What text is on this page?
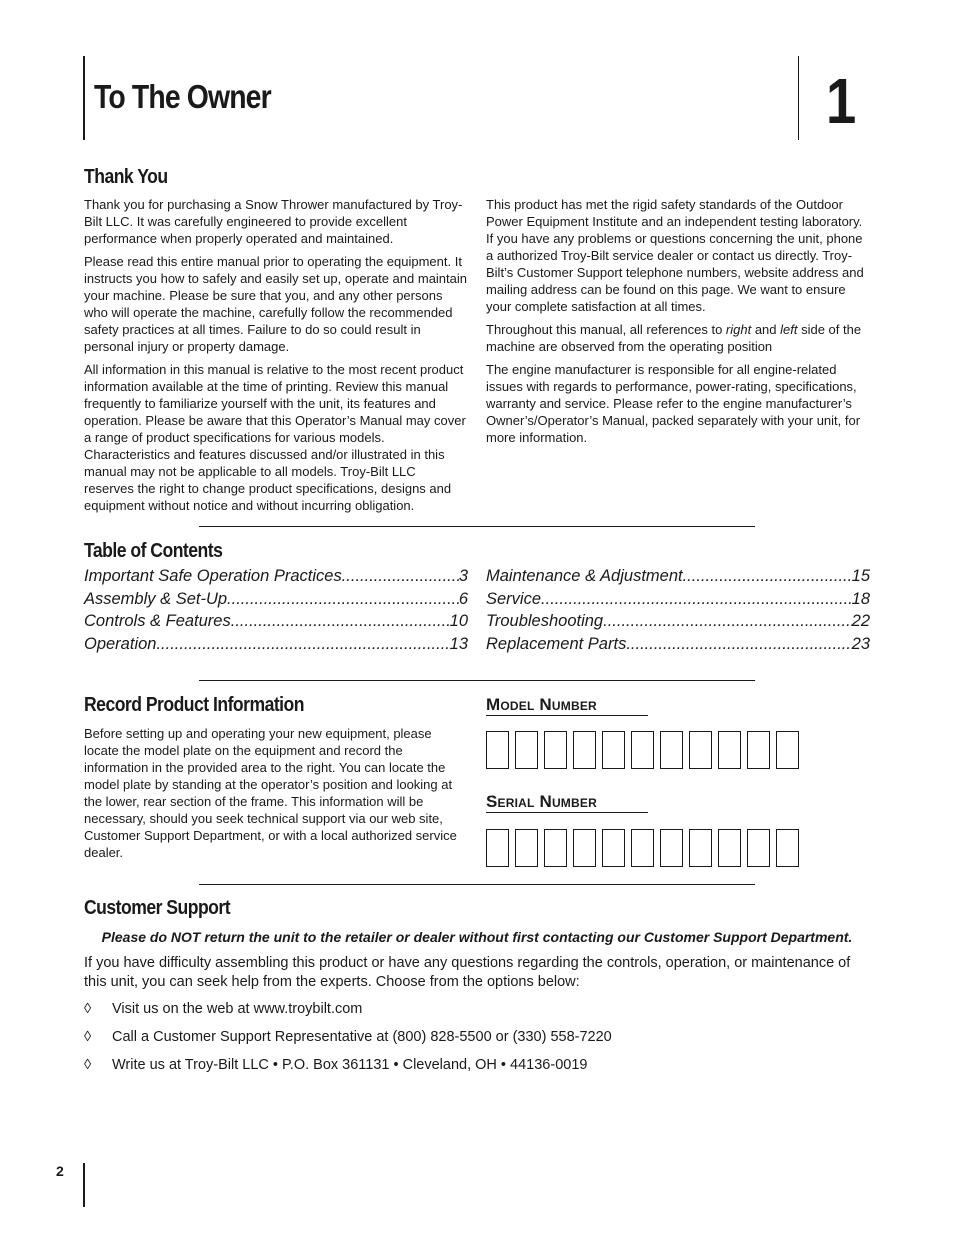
To The Owner	1
Thank You

Thank you for purchasing a Snow Thrower manufactured by Troy-Bilt LLC. It was carefully engineered to provide excellent performance when properly operated and maintained.

Please read this entire manual prior to operating the equipment. It instructs you how to safely and easily set up, operate and maintain your machine. Please be sure that you, and any other persons who will operate the machine, carefully follow the recommended safety practices at all times. Failure to do so could result in personal injury or property damage.

All information in this manual is relative to the most recent product information available at the time of printing. Review this manual frequently to familiarize yourself with the unit, its features and operation. Please be aware that this Operator’s Manual may cover a range of product specifications for various models. Characteristics and features discussed and/or illustrated in this manual may not be applicable to all models. Troy-Bilt LLC reserves the right to change product specifications, designs and equipment without notice and without incurring obligation.

This product has met the rigid safety standards of the Outdoor Power Equipment Institute and an independent testing laboratory. If you have any problems or questions concerning the unit, phone a authorized Troy-Bilt service dealer or contact us directly. Troy-Bilt’s Customer Support telephone numbers, website address and mailing address can be found on this page. We want to ensure your complete satisfaction at all times.

Throughout this manual, all references to right and left side of the machine are observed from the operating position

The engine manufacturer is responsible for all engine-related issues with regards to performance, power-rating, specifications, warranty and service. Please refer to the engine manufacturer’s Owner’s/Operator’s Manual, packed separately with your unit, for more information.

Table of Contents
Important Safe Operation Practices .....	3
Assembly & Set-Up .....	6
Controls & Features .....	10
Operation .....	13
Maintenance & Adjustment .....	15
Service .....	18
Troubleshooting .....	22
Replacement Parts .....	23
Record Product Information
Before setting up and operating your new equipment, please locate the model plate on the equipment and record the information in the provided area to the right. You can locate the model plate by standing at the operator’s position and looking at the lower, rear section of the frame. This information will be necessary, should you seek technical support via our web site, Customer Support Department, or with a local authorized service dealer.
Model Number
Serial Number
Customer Support
Please do NOT return the unit to the retailer or dealer without first contacting our Customer Support Department.
If you have difficulty assembling this product or have any questions regarding the controls, operation, or maintenance of this unit, you can seek help from the experts. Choose from the options below:
◊	Visit us on the web at www.troybilt.com
◊	Call a Customer Support Representative at (800) 828-5500 or (330) 558-7220
◊	Write us at Troy-Bilt LLC • P.O. Box 361131 • Cleveland, OH • 44136-0019
2
